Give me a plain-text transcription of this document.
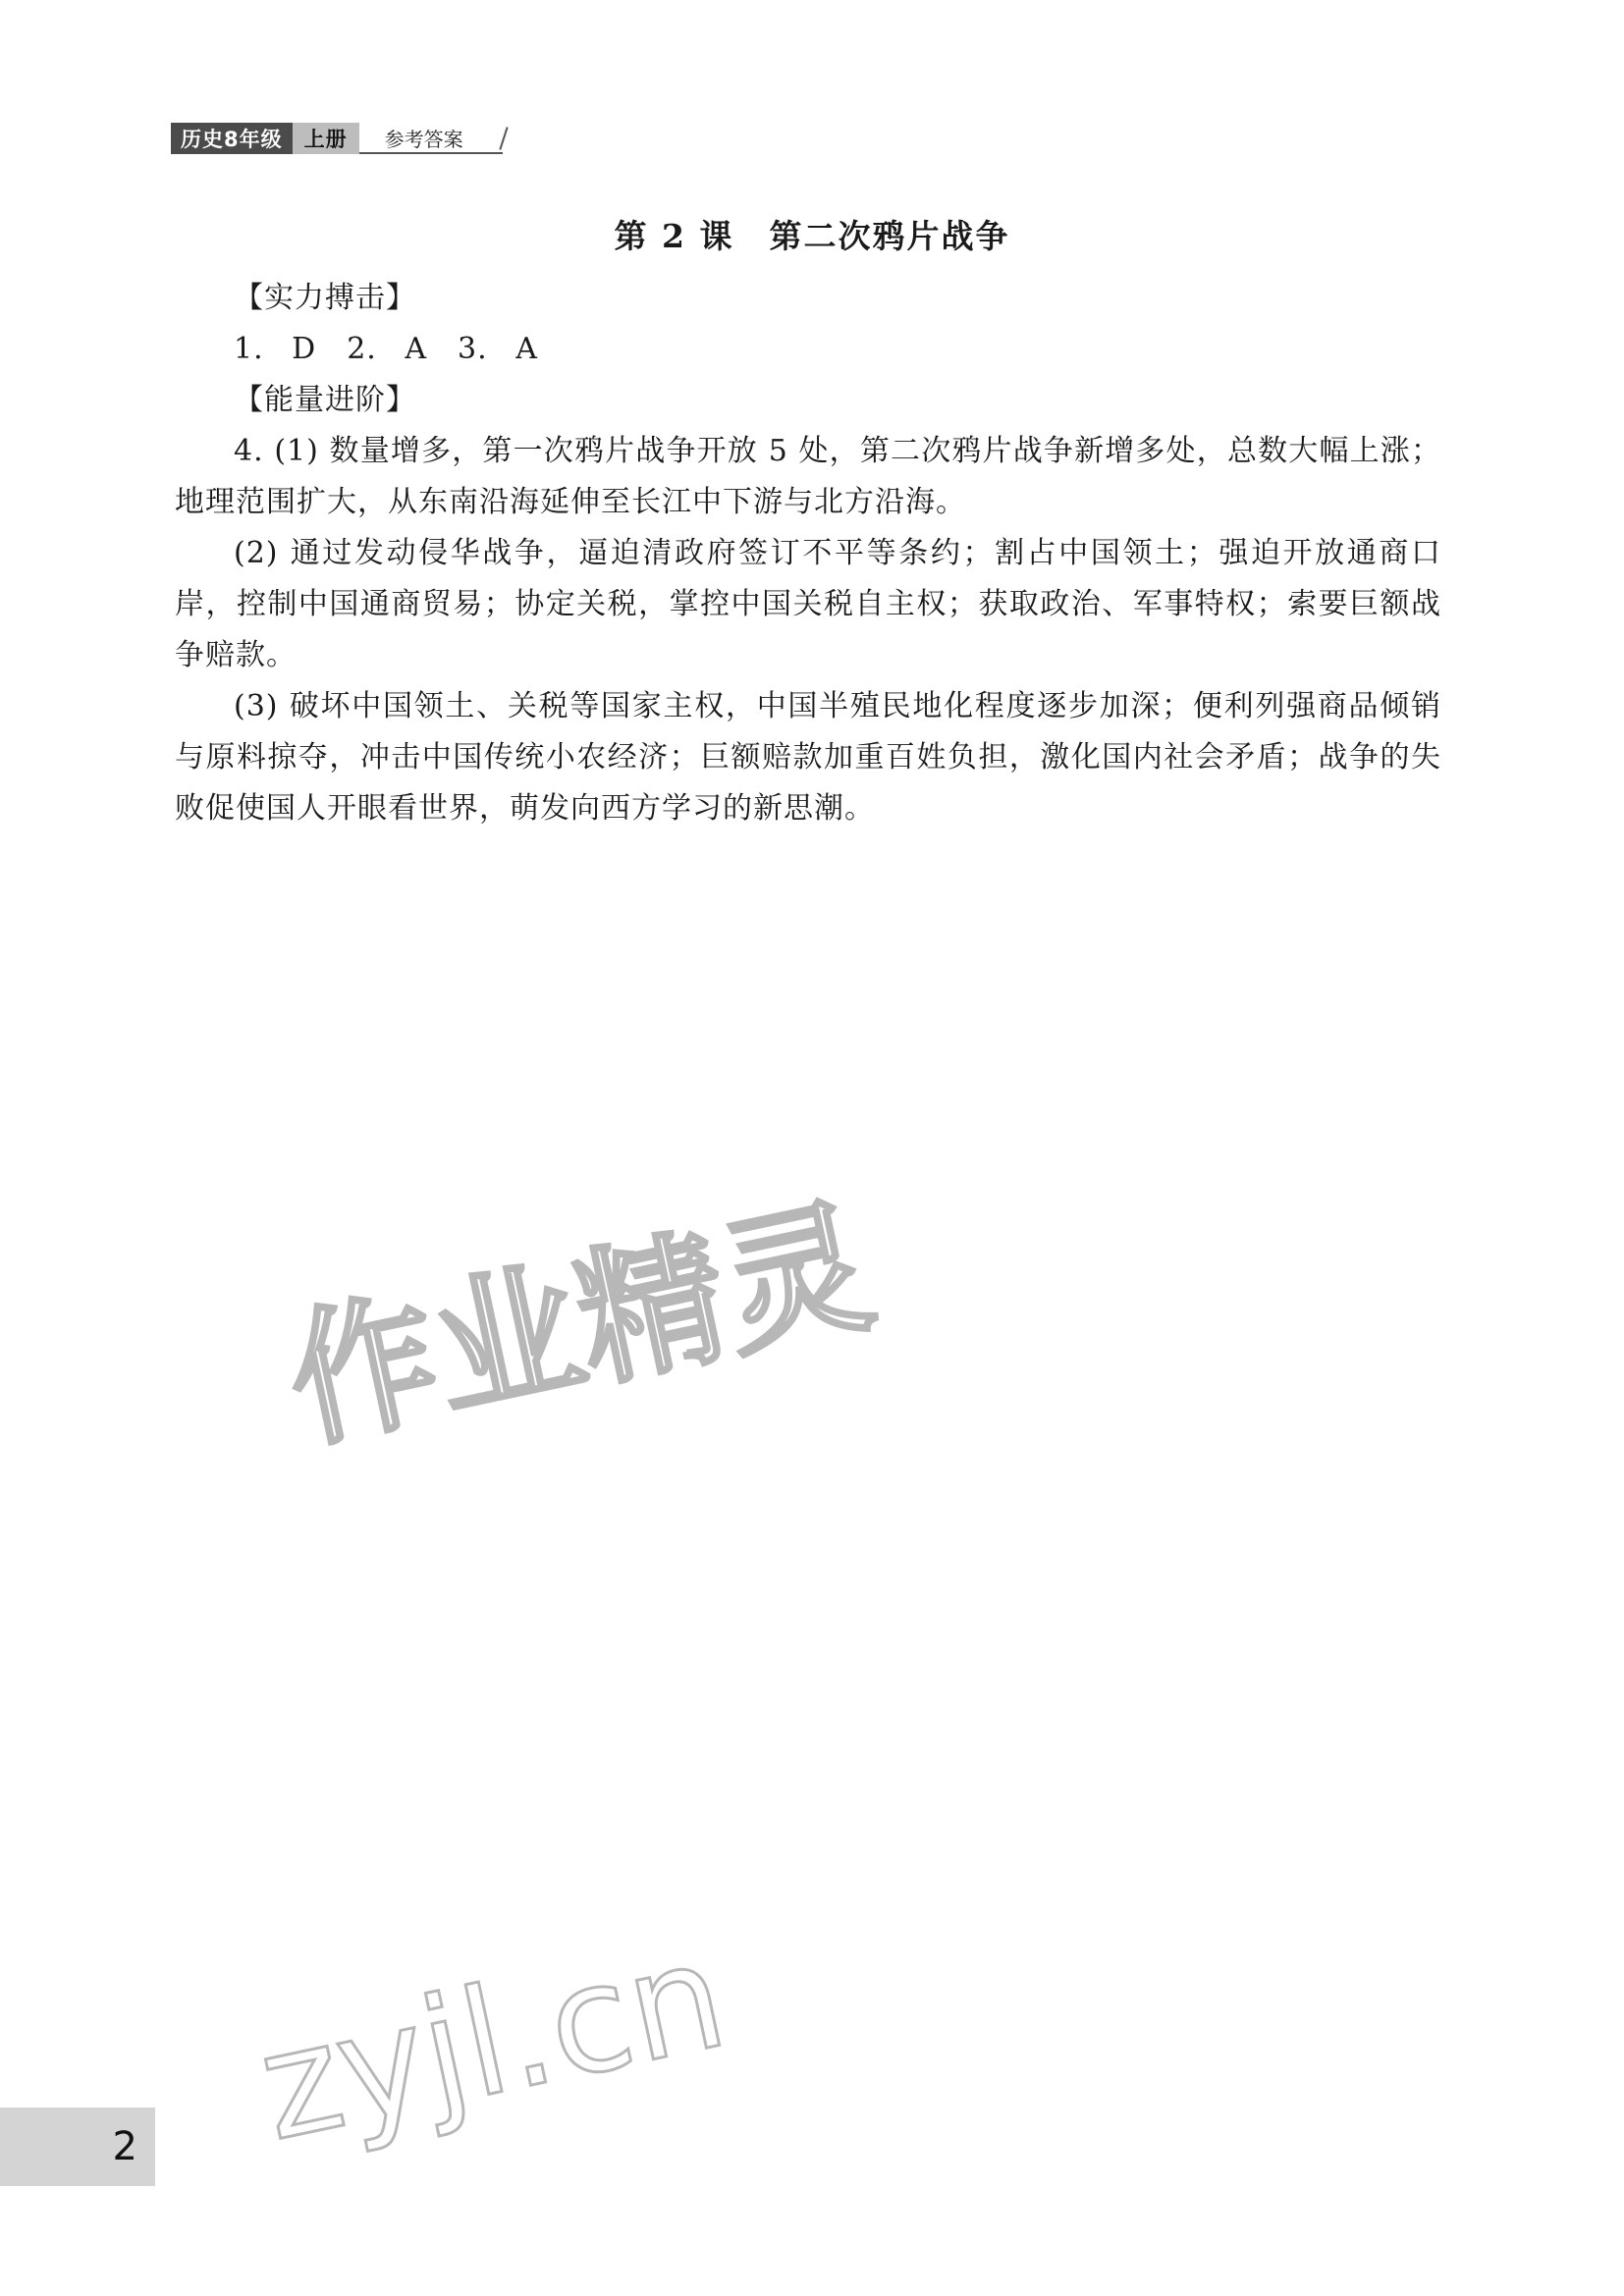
历史8年级	上册	参考答案
第 2 课 第二次鸦片战争

【实力搏击】

1. D　2. A　3. A

【能量进阶】

4. (1) 数量增多，第一次鸦片战争开放 5 处，第二次鸦片战争新增多处，总数大幅上涨；地理范围扩大，从东南沿海延伸至长江中下游与北方沿海。

(2) 通过发动侵华战争，逼迫清政府签订不平等条约；割占中国领土；强迫开放通商口岸，控制中国通商贸易；协定关税，掌控中国关税自主权；获取政治、军事特权；索要巨额战争赔款。

(3) 破坏中国领土、关税等国家主权，中国半殖民地化程度逐步加深；便利列强商品倾销与原料掠夺，冲击中国传统小农经济；巨额赔款加重百姓负担，激化国内社会矛盾；战争的失败促使国人开眼看世界，萌发向西方学习的新思潮。

作业精灵
zyjl.cn
2
